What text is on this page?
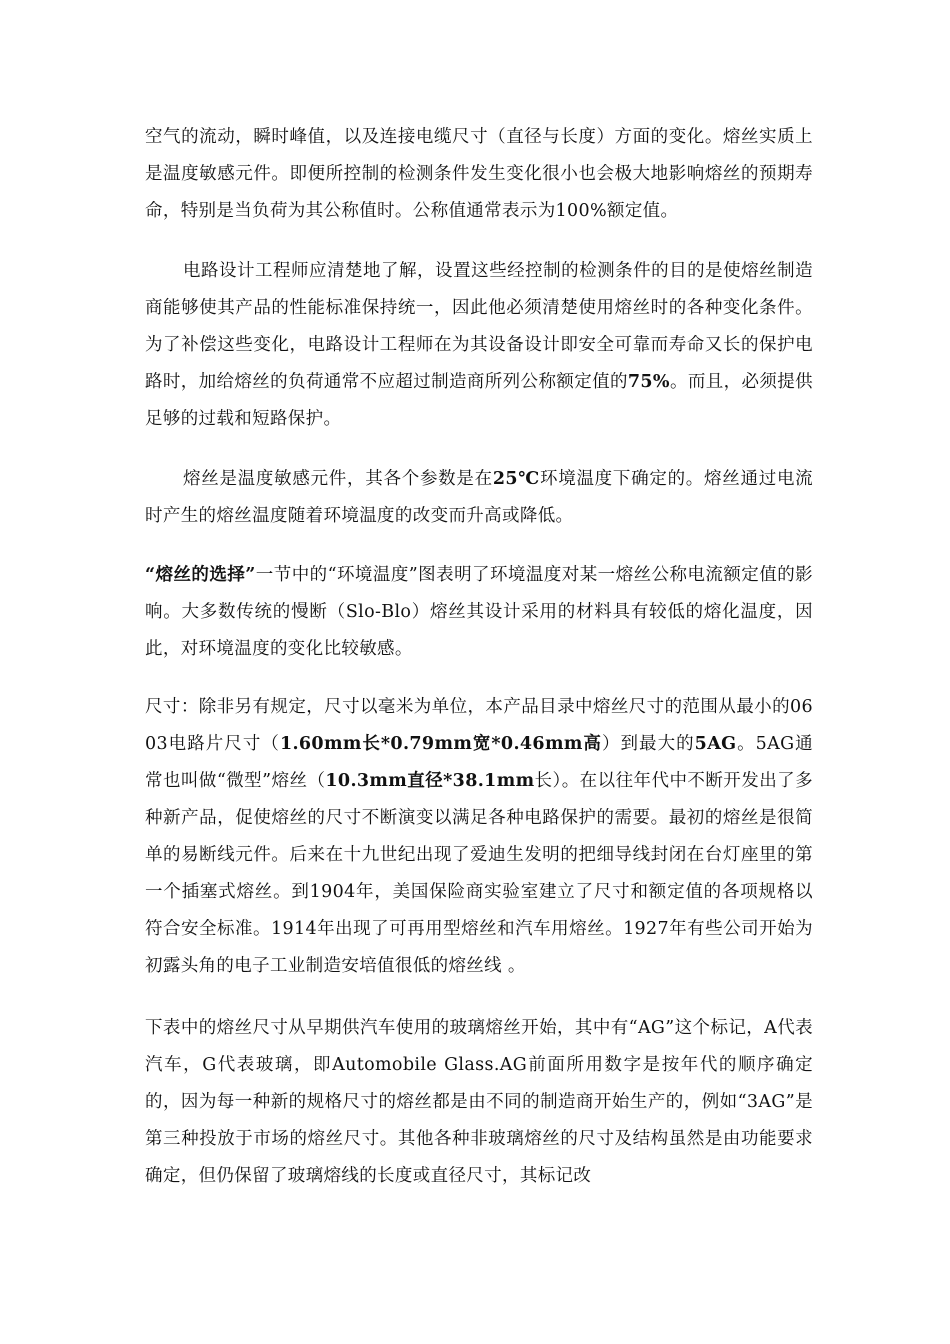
空气的流动，瞬时峰值，以及连接电缆尺寸（直径与长度）方面的变化。熔丝实质上是温度敏感元件。即便所控制的检测条件发生变化很小也会极大地影响熔丝的预期寿命，特别是当负荷为其公称值时。公称值通常表示为100%额定值。
电路设计工程师应清楚地了解，设置这些经控制的检测条件的目的是使熔丝制造商能够使其产品的性能标准保持统一，因此他必须清楚使用熔丝时的各种变化条件。为了补偿这些变化，电路设计工程师在为其设备设计即安全可靠而寿命又长的保护电路时，加给熔丝的负荷通常不应超过制造商所列公称额定值的75%。而且，必须提供足够的过载和短路保护。
熔丝是温度敏感元件，其各个参数是在25℃环境温度下确定的。熔丝通过电流时产生的熔丝温度随着环境温度的改变而升高或降低。
“熔丝的选择”一节中的“环境温度”图表明了环境温度对某一熔丝公称电流额定值的影响。大多数传统的慢断（Slo-Blo）熔丝其设计采用的材料具有较低的熔化温度，因此，对环境温度的变化比较敏感。
尺寸：除非另有规定，尺寸以毫米为单位，本产品目录中熔丝尺寸的范围从最小的0603电路片尺寸（1.60mm长*0.79mm宽*0.46mm高）到最大的5AG。5AG通常也叫做“微型”熔丝（10.3mm直径*38.1mm长）。在以往年代中不断开发出了多种新产品，促使熔丝的尺寸不断演变以满足各种电路保护的需要。最初的熔丝是很简单的易断线元件。后来在十九世纪出现了爱迪生发明的把细导线封闭在台灯座里的第一个插塞式熔丝。到1904年，美国保险商实验室建立了尺寸和额定值的各项规格以符合安全标准。1914年出现了可再用型熔丝和汽车用熔丝。1927年有些公司开始为初露头角的电子工业制造安培值很低的熔丝线 。
下表中的熔丝尺寸从早期供汽车使用的玻璃熔丝开始，其中有“AG”这个标记，A代表汽车，G代表玻璃，即Automobile Glass.AG前面所用数字是按年代的顺序确定的，因为每一种新的规格尺寸的熔丝都是由不同的制造商开始生产的，例如“3AG”是第三种投放于市场的熔丝尺寸。其他各种非玻璃熔丝的尺寸及结构虽然是由功能要求确定，但仍保留了玻璃熔线的长度或直径尺寸，其标记改
